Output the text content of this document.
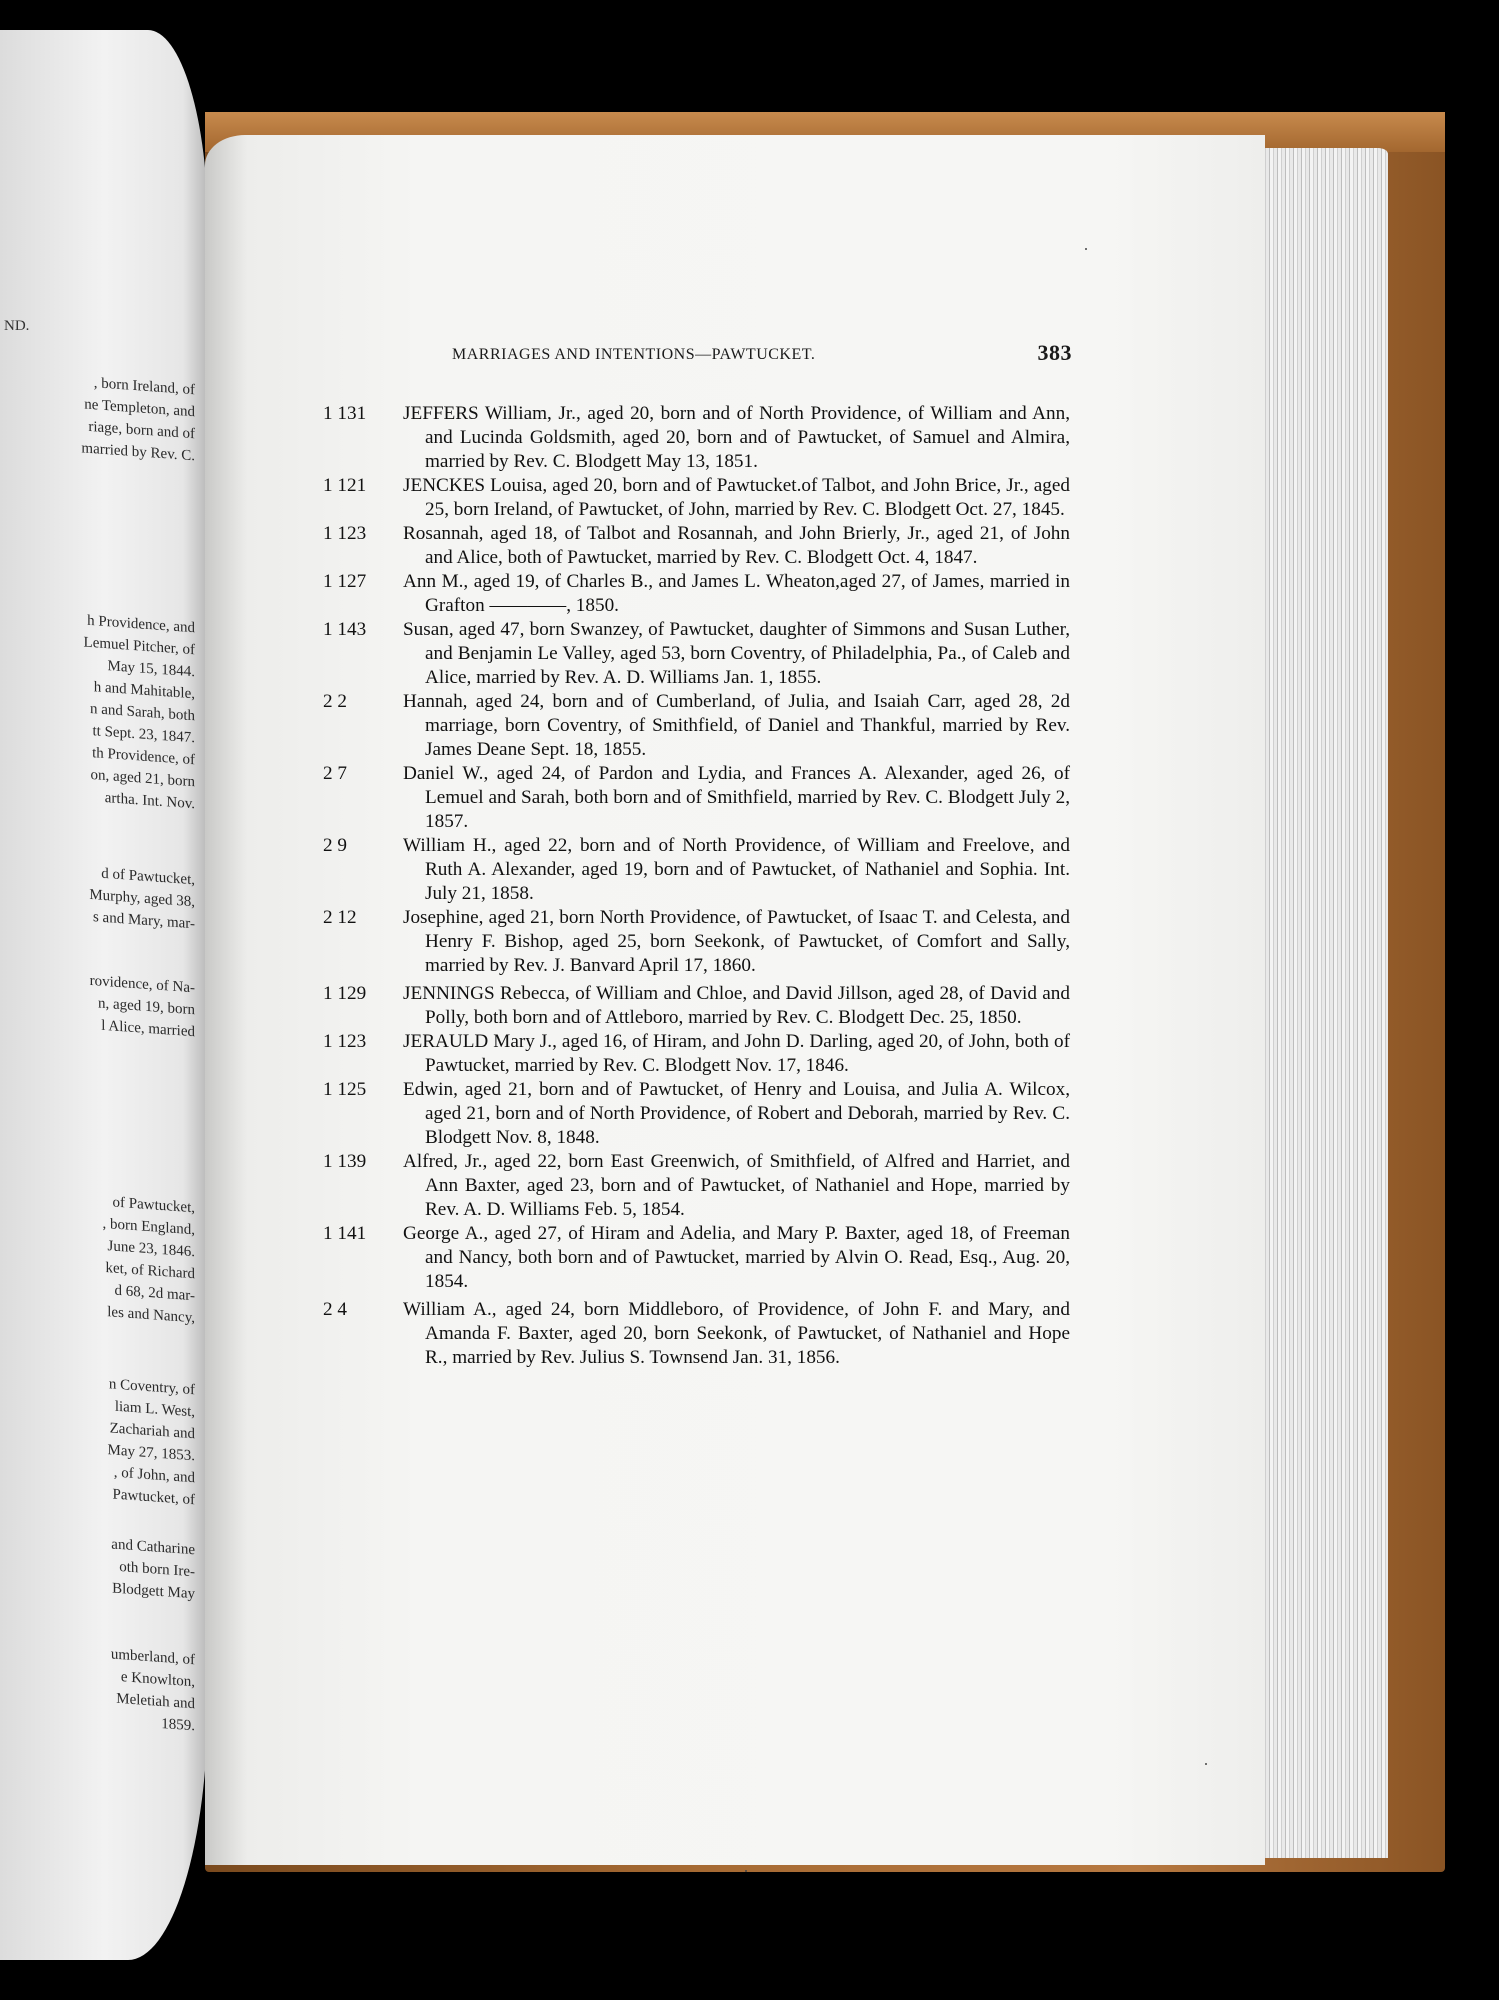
ND.
, born Ireland, of
ne Templeton, and
riage, born and of
married by Rev. C.
h Providence, and
Lemuel Pitcher, of
May 15, 1844.
h and Mahitable,
n and Sarah, both
tt Sept. 23, 1847.
th Providence, of
on, aged 21, born
artha. Int. Nov.
d of Pawtucket,
Murphy, aged 38,
s and Mary, mar-
rovidence, of Na-
n, aged 19, born
l Alice, married
of Pawtucket,
, born England,
June 23, 1846.
ket, of Richard
d 68, 2d mar-
les and Nancy,
n Coventry, of
liam L. West,
Zachariah and
May 27, 1853.
, of John, and
Pawtucket, of
and Catharine
oth born Ire-
Blodgett May
umberland, of
e Knowlton,
Meletiah and
1859.
MARRIAGES AND INTENTIONS—PAWTUCKET.	383
1 131	JEFFERS William, Jr., aged 20, born and of North Providence, of William and Ann, and Lucinda Goldsmith, aged 20, born and of Pawtucket, of Samuel and Almira, married by Rev. C. Blodgett May 13, 1851.
1 121	JENCKES Louisa, aged 20, born and of Pawtucket.of Talbot, and John Brice, Jr., aged 25, born Ireland, of Pawtucket, of John, married by Rev. C. Blodgett Oct. 27, 1845.
1 123	Rosannah, aged 18, of Talbot and Rosannah, and John Brierly, Jr., aged 21, of John and Alice, both of Pawtucket, married by Rev. C. Blodgett Oct. 4, 1847.
1 127	Ann M., aged 19, of Charles B., and James L. Wheaton,aged 27, of James, married in Grafton ————, 1850.
1 143	Susan, aged 47, born Swanzey, of Pawtucket, daughter of Simmons and Susan Luther, and Benjamin Le Valley, aged 53, born Coventry, of Philadelphia, Pa., of Caleb and Alice, married by Rev. A. D. Williams Jan. 1, 1855.
2 2	Hannah, aged 24, born and of Cumberland, of Julia, and Isaiah Carr, aged 28, 2d marriage, born Coventry, of Smithfield, of Daniel and Thankful, married by Rev. James Deane Sept. 18, 1855.
2 7	Daniel W., aged 24, of Pardon and Lydia, and Frances A. Alexander, aged 26, of Lemuel and Sarah, both born and of Smithfield, married by Rev. C. Blodgett July 2, 1857.
2 9	William H., aged 22, born and of North Providence, of William and Freelove, and Ruth A. Alexander, aged 19, born and of Pawtucket, of Nathaniel and Sophia. Int. July 21, 1858.
2 12	Josephine, aged 21, born North Providence, of Pawtucket, of Isaac T. and Celesta, and Henry F. Bishop, aged 25, born Seekonk, of Pawtucket, of Comfort and Sally, married by Rev. J. Banvard April 17, 1860.
1 129	JENNINGS Rebecca, of William and Chloe, and David Jillson, aged 28, of David and Polly, both born and of Attleboro, married by Rev. C. Blodgett Dec. 25, 1850.
1 123	JERAULD Mary J., aged 16, of Hiram, and John D. Darling, aged 20, of John, both of Pawtucket, married by Rev. C. Blodgett Nov. 17, 1846.
1 125	Edwin, aged 21, born and of Pawtucket, of Henry and Louisa, and Julia A. Wilcox, aged 21, born and of North Providence, of Robert and Deborah, married by Rev. C. Blodgett Nov. 8, 1848.
1 139	Alfred, Jr., aged 22, born East Greenwich, of Smithfield, of Alfred and Harriet, and Ann Baxter, aged 23, born and of Pawtucket, of Nathaniel and Hope, married by Rev. A. D. Williams Feb. 5, 1854.
1 141	George A., aged 27, of Hiram and Adelia, and Mary P. Baxter, aged 18, of Freeman and Nancy, both born and of Pawtucket, married by Alvin O. Read, Esq., Aug. 20, 1854.
2 4	William A., aged 24, born Middleboro, of Providence, of John F. and Mary, and Amanda F. Baxter, aged 20, born Seekonk, of Pawtucket, of Nathaniel and Hope R., married by Rev. Julius S. Townsend Jan. 31, 1856.
